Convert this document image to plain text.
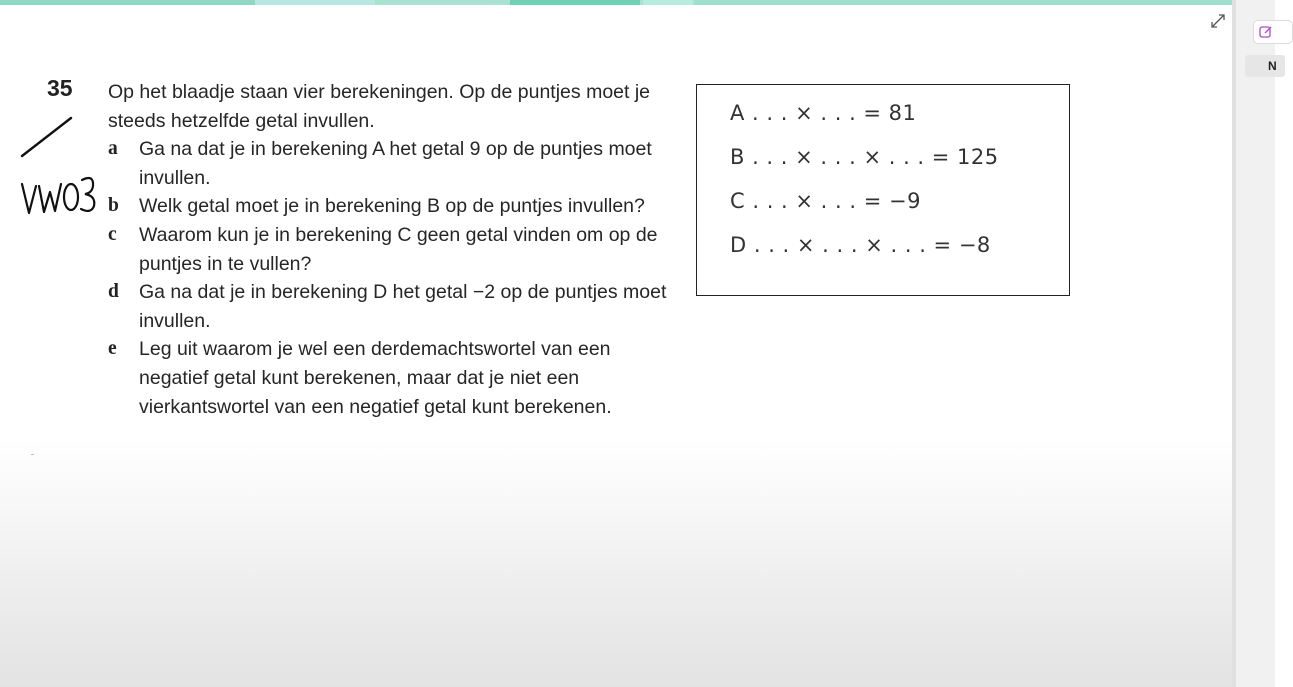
35 Op het blaadje staan vier berekeningen. Op de puntjes moet je steeds hetzelfde getal invullen.

a Ga na dat je in berekening A het getal 9 op de puntjes moet invullen.
b Welk getal moet je in berekening B op de puntjes invullen?
c Waarom kun je in berekening C geen getal vinden om op de puntjes in te vullen?
d Ga na dat je in berekening D het getal −2 op de puntjes moet invullen.
e Leg uit waarom je wel een derdemachtswortel van een negatief getal kunt berekenen, maar dat je niet een vierkantswortel van een negatief getal kunt berekenen.
A . . . × . . . = 81
B . . . × . . . × . . . = 125
C . . . × . . . = −9
D . . . × . . . × . . . = −8
N
